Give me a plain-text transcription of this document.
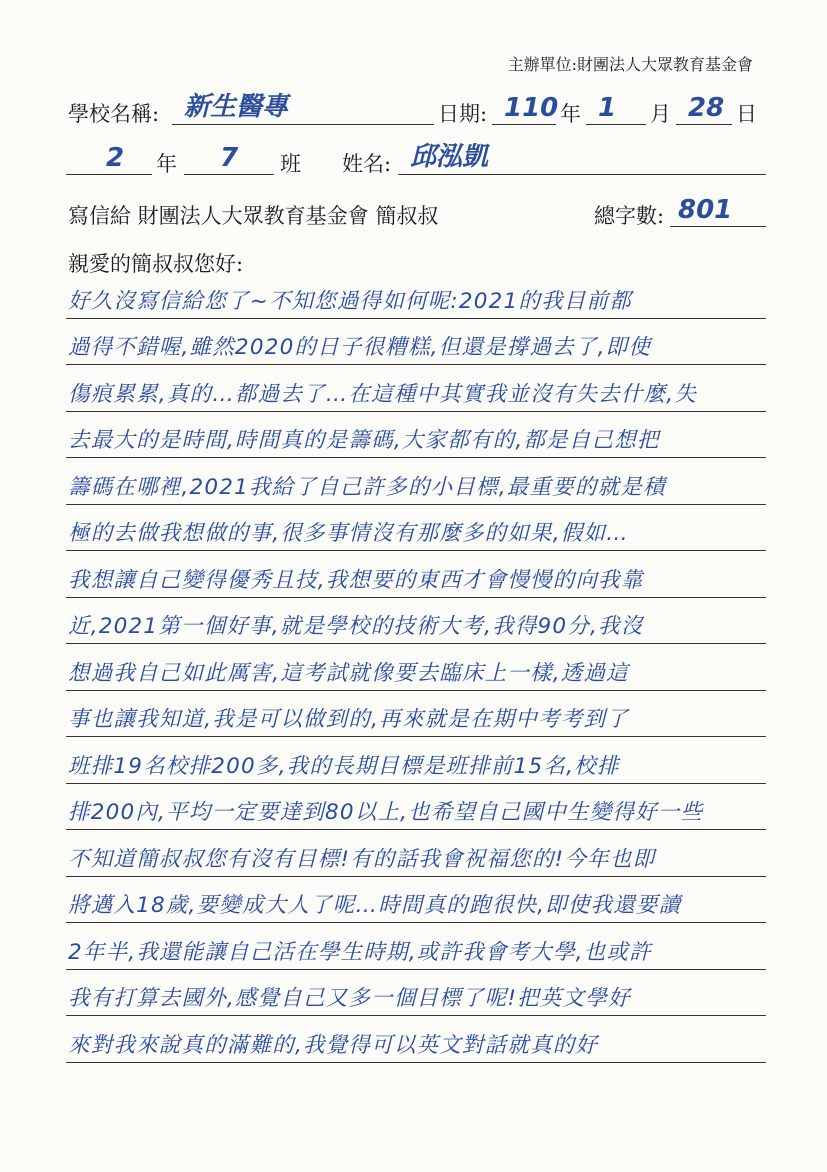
主辦單位:財團法人大眾教育基金會
學校名稱: 新生醫專	日期: 110 年 1 月 28 日
2 年 7 班 姓名: 邱泓凱
寫信給 財團法人大眾教育基金會 簡叔叔	總字數: 801
親愛的簡叔叔您好:
好久沒寫信給您了~不知您過得如何呢:2021的我目前都
過得不錯喔,雖然2020的日子很糟糕,但還是撐過去了,即使
傷痕累累,真的…都過去了…在這種中其實我並沒有失去什麼,失
去最大的是時間,時間真的是籌碼,大家都有的,都是自己想把
籌碼在哪裡,2021我給了自己許多的小目標,最重要的就是積
極的去做我想做的事,很多事情沒有那麼多的如果,假如…
我想讓自己變得優秀且技,我想要的東西才會慢慢的向我靠
近,2021第一個好事,就是學校的技術大考,我得90分,我沒
想過我自己如此厲害,這考試就像要去臨床上一樣,透過這
事也讓我知道,我是可以做到的,再來就是在期中考考到了
班排19名校排200多,我的長期目標是班排前15名,校排
排200內,平均一定要達到80以上,也希望自己國中生變得好一些
不知道簡叔叔您有沒有目標!有的話我會祝福您的!今年也即
將邁入18歲,要變成大人了呢…時間真的跑很快,即使我還要讀
2年半,我還能讓自己活在學生時期,或許我會考大學,也或許
我有打算去國外,感覺自己又多一個目標了呢!把英文學好
來對我來說真的滿難的,我覺得可以英文對話就真的好
